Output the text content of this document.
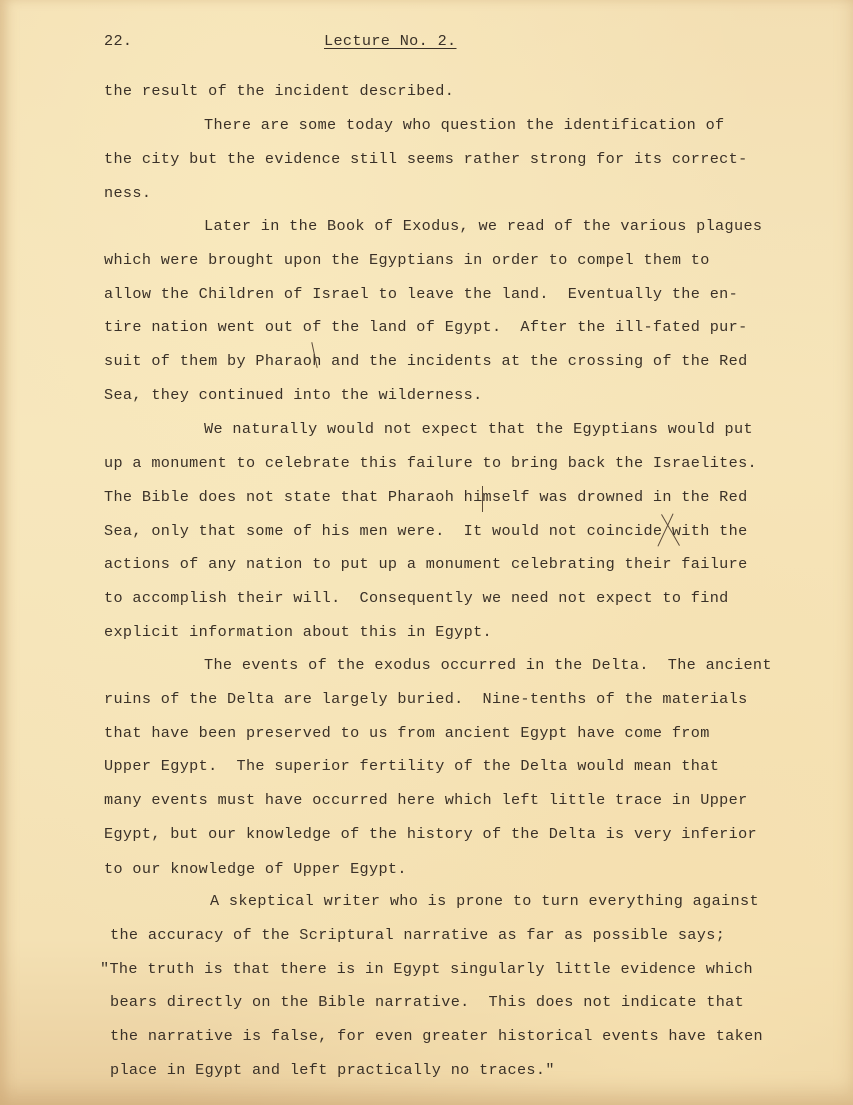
22.	Lecture No. 2.
the result of the incident described.
There are some today who question the identification of
the city but the evidence still seems rather strong for its correct-
ness.
Later in the Book of Exodus, we read of the various plagues
which were brought upon the Egyptians in order to compel them to
allow the Children of Israel to leave the land.  Eventually the en-
tire nation went out of the land of Egypt.  After the ill-fated pur-
suit of them by Pharaoh and the incidents at the crossing of the Red
Sea, they continued into the wilderness.
We naturally would not expect that the Egyptians would put
up a monument to celebrate this failure to bring back the Israelites.
The Bible does not state that Pharaoh himself was drowned in the Red
Sea, only that some of his men were.  It would not coincide with the
actions of any nation to put up a monument celebrating their failure
to accomplish their will.  Consequently we need not expect to find
explicit information about this in Egypt.
The events of the exodus occurred in the Delta.  The ancient
ruins of the Delta are largely buried.  Nine-tenths of the materials
that have been preserved to us from ancient Egypt have come from
Upper Egypt.  The superior fertility of the Delta would mean that
many events must have occurred here which left little trace in Upper
Egypt, but our knowledge of the history of the Delta is very inferior
to our knowledge of Upper Egypt.
A skeptical writer who is prone to turn everything against
the accuracy of the Scriptural narrative as far as possible says;
"The truth is that there is in Egypt singularly little evidence which
bears directly on the Bible narrative.  This does not indicate that
the narrative is false, for even greater historical events have taken
place in Egypt and left practically no traces."
